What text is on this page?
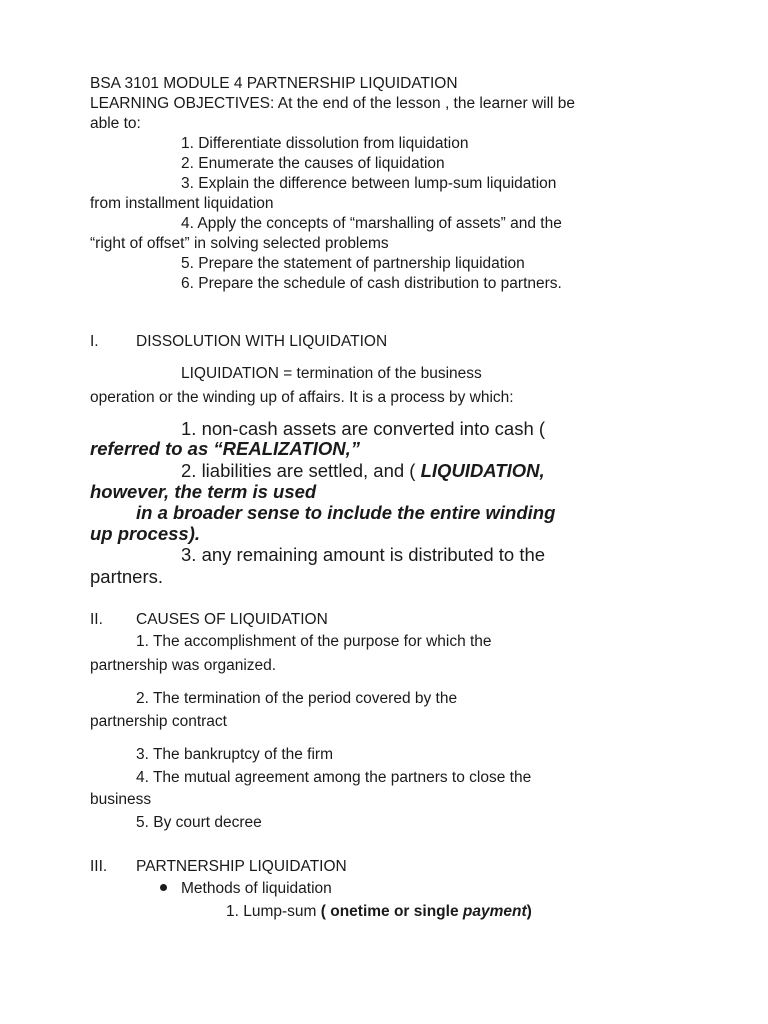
BSA 3101 MODULE 4 PARTNERSHIP LIQUIDATION
LEARNING OBJECTIVES: At the end of the lesson , the learner will be
able to:
1. Differentiate dissolution from liquidation
2. Enumerate the causes of liquidation
3. Explain the difference between lump-sum liquidation
from installment liquidation
4. Apply the concepts of “marshalling of assets” and the
“right of offset” in solving selected problems
5. Prepare the statement of partnership liquidation
6. Prepare the schedule of cash distribution to partners.
I. DISSOLUTION WITH LIQUIDATION
LIQUIDATION = termination of the business
operation or the winding up of affairs. It is a process by which:
1. non-cash assets are converted into cash (
referred to as “REALIZATION,”
2. liabilities are settled, and ( LIQUIDATION,
however, the term is used
in a broader sense to include the entire winding
up process).
3. any remaining amount is distributed to the
partners.
II. CAUSES OF LIQUIDATION
1. The accomplishment of the purpose for which the
partnership was organized.
2. The termination of the period covered by the
partnership contract
3. The bankruptcy of the firm
4. The mutual agreement among the partners to close the
business
5. By court decree
III. PARTNERSHIP LIQUIDATION
Methods of liquidation
1. Lump-sum ( onetime or single payment)
